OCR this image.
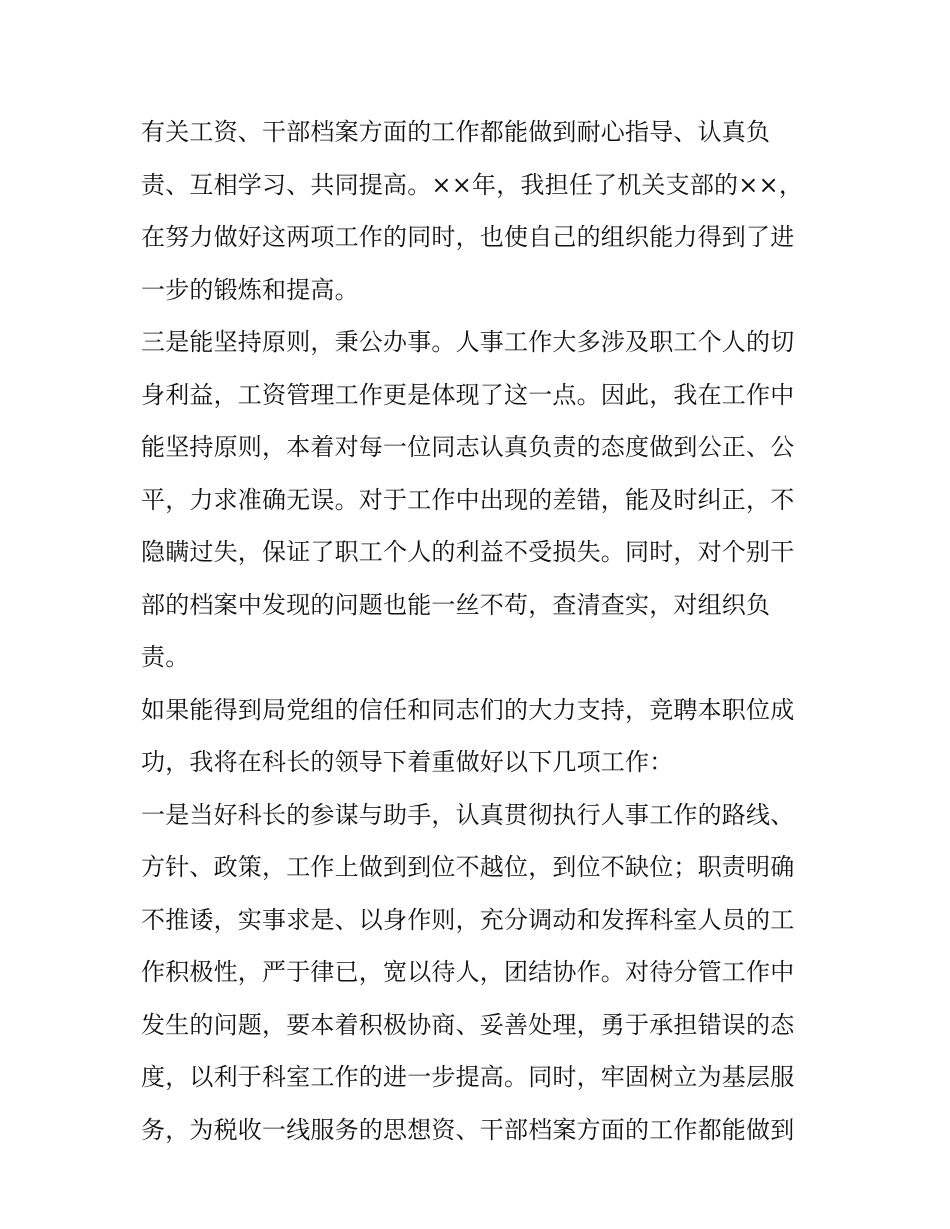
有关工资、干部档案方面的工作都能做到耐心指导、认真负
责、互相学习、共同提高。××年，我担任了机关支部的××，
在努力做好这两项工作的同时，也使自己的组织能力得到了进
一步的锻炼和提高。
三是能坚持原则，秉公办事。人事工作大多涉及职工个人的切
身利益，工资管理工作更是体现了这一点。因此，我在工作中
能坚持原则，本着对每一位同志认真负责的态度做到公正、公
平，力求准确无误。对于工作中出现的差错，能及时纠正，不
隐瞒过失，保证了职工个人的利益不受损失。同时，对个别干
部的档案中发现的问题也能一丝不苟，查清查实，对组织负
责。
如果能得到局党组的信任和同志们的大力支持，竞聘本职位成
功，我将在科长的领导下着重做好以下几项工作：
一是当好科长的参谋与助手，认真贯彻执行人事工作的路线、
方针、政策，工作上做到到位不越位，到位不缺位；职责明确
不推诿，实事求是、以身作则，充分调动和发挥科室人员的工
作积极性，严于律已，宽以待人，团结协作。对待分管工作中
发生的问题，要本着积极协商、妥善处理，勇于承担错误的态
度，以利于科室工作的进一步提高。同时，牢固树立为基层服
务，为税收一线服务的思想资、干部档案方面的工作都能做到
